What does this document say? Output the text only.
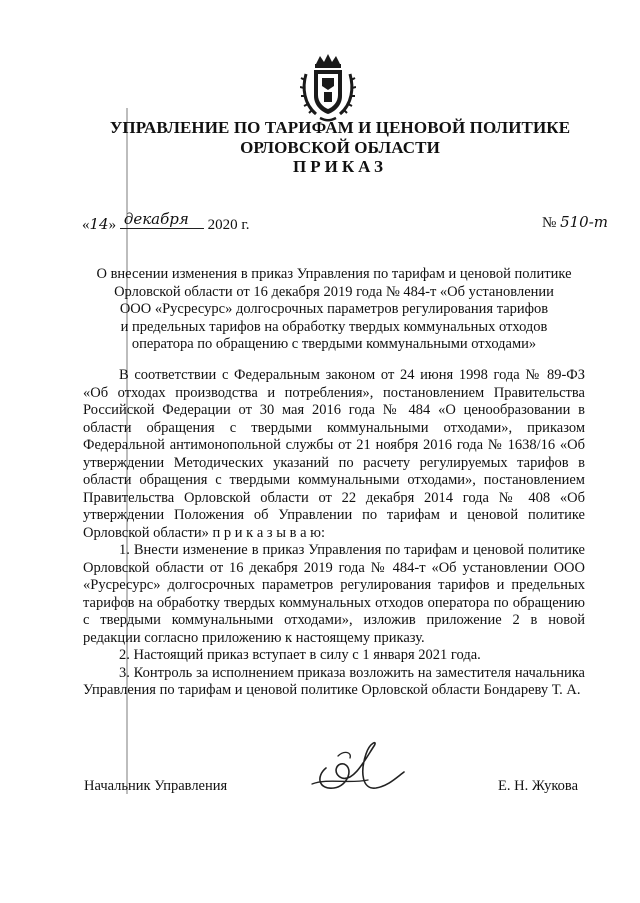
УПРАВЛЕНИЕ ПО ТАРИФАМ И ЦЕНОВОЙ ПОЛИТИКЕ
ОРЛОВСКОЙ ОБЛАСТИ
ПРИКАЗ
«14» декабря 2020 г.	№ 510-т
О внесении изменения в приказ Управления по тарифам и ценовой политике
Орловской области от 16 декабря 2019 года № 484-т «Об установлении
ООО «Русресурс» долгосрочных параметров регулирования тарифов
и предельных тарифов на обработку твердых коммунальных отходов
оператора по обращению с твердыми коммунальными отходами»

В соответствии с Федеральным законом от 24 июня 1998 года № 89-ФЗ «Об отходах производства и потребления», постановлением Правительства Российской Федерации от 30 мая 2016 года № 484 «О ценообразовании в области обращения с твердыми коммунальными отходами», приказом Федеральной антимонопольной службы от 21 ноября 2016 года № 1638/16 «Об утверждении Методических указаний по расчету регулируемых тарифов в области обращения с твердыми коммунальными отходами», постановлением Правительства Орловской области от 22 декабря 2014 года № 408 «Об утверждении Положения об Управлении по тарифам и ценовой политике Орловской области» п р и к а з ы в а ю:

1. Внести изменение в приказ Управления по тарифам и ценовой политике Орловской области от 16 декабря 2019 года № 484-т «Об установлении ООО «Русресурс» долгосрочных параметров регулирования тарифов и предельных тарифов на обработку твердых коммунальных отходов оператора по обращению с твердыми коммунальными отходами», изложив приложение 2 в новой редакции согласно приложению к настоящему приказу.

2. Настоящий приказ вступает в силу с 1 января 2021 года.

3. Контроль за исполнением приказа возложить на заместителя начальника Управления по тарифам и ценовой политике Орловской области Бондареву Т. А.

Начальник Управления	Е. Н. Жукова
